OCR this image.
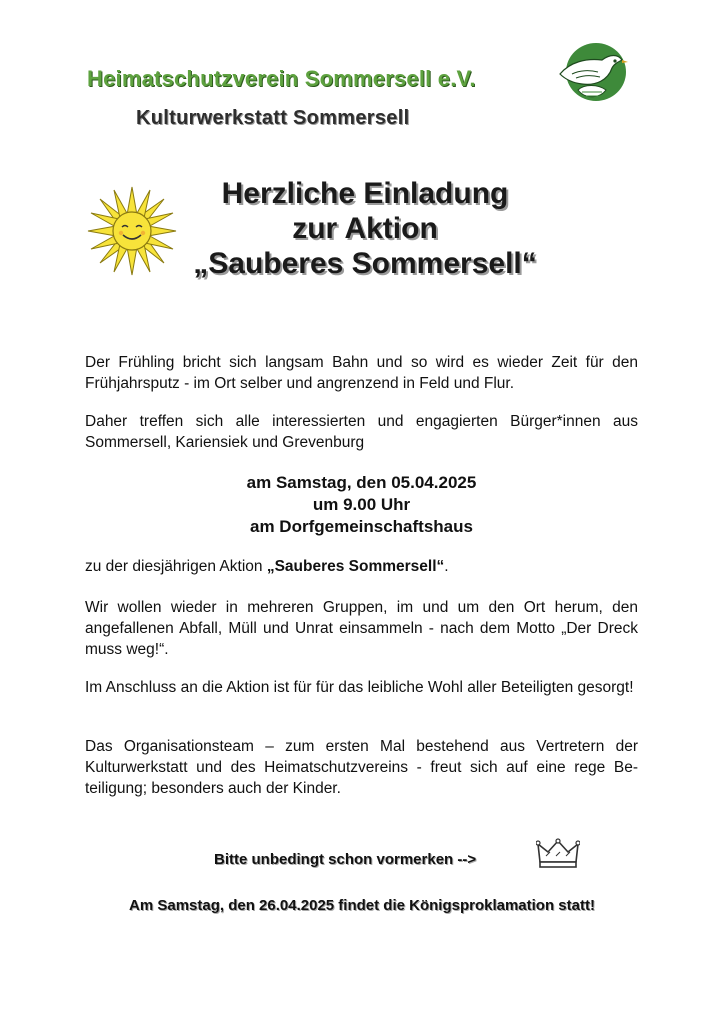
Heimatschutzverein Sommersell e.V.
Kulturwerkstatt Sommersell
Herzliche Einladung
zur Aktion
„Sauberes Sommersell“

Der Frühling bricht sich langsam Bahn und so wird es wieder Zeit für den Frühjahrsputz - im Ort selber und angrenzend in Feld und Flur.

Daher treffen sich alle interessierten und engagierten Bürger*innen aus Sommersell, Kariensiek und Grevenburg

am Samstag, den 05.04.2025
um 9.00 Uhr
am Dorfgemeinschaftshaus

zu der diesjährigen Aktion „Sauberes Sommersell“.

Wir wollen wieder in mehreren Gruppen, im und um den Ort herum, den angefallenen Abfall, Müll und Unrat einsammeln - nach dem Motto „Der Dreck muss weg!“.

Im Anschluss an die Aktion ist für für das leibliche Wohl aller Beteiligten gesorgt!

Das Organisationsteam – zum ersten Mal bestehend aus Vertretern der Kulturwerkstatt und des Heimatschutzvereins - freut sich auf eine rege Be-teiligung; besonders auch der Kinder.

Bitte unbedingt schon vormerken -->

Am Samstag, den 26.04.2025 findet die Königsproklamation statt!
